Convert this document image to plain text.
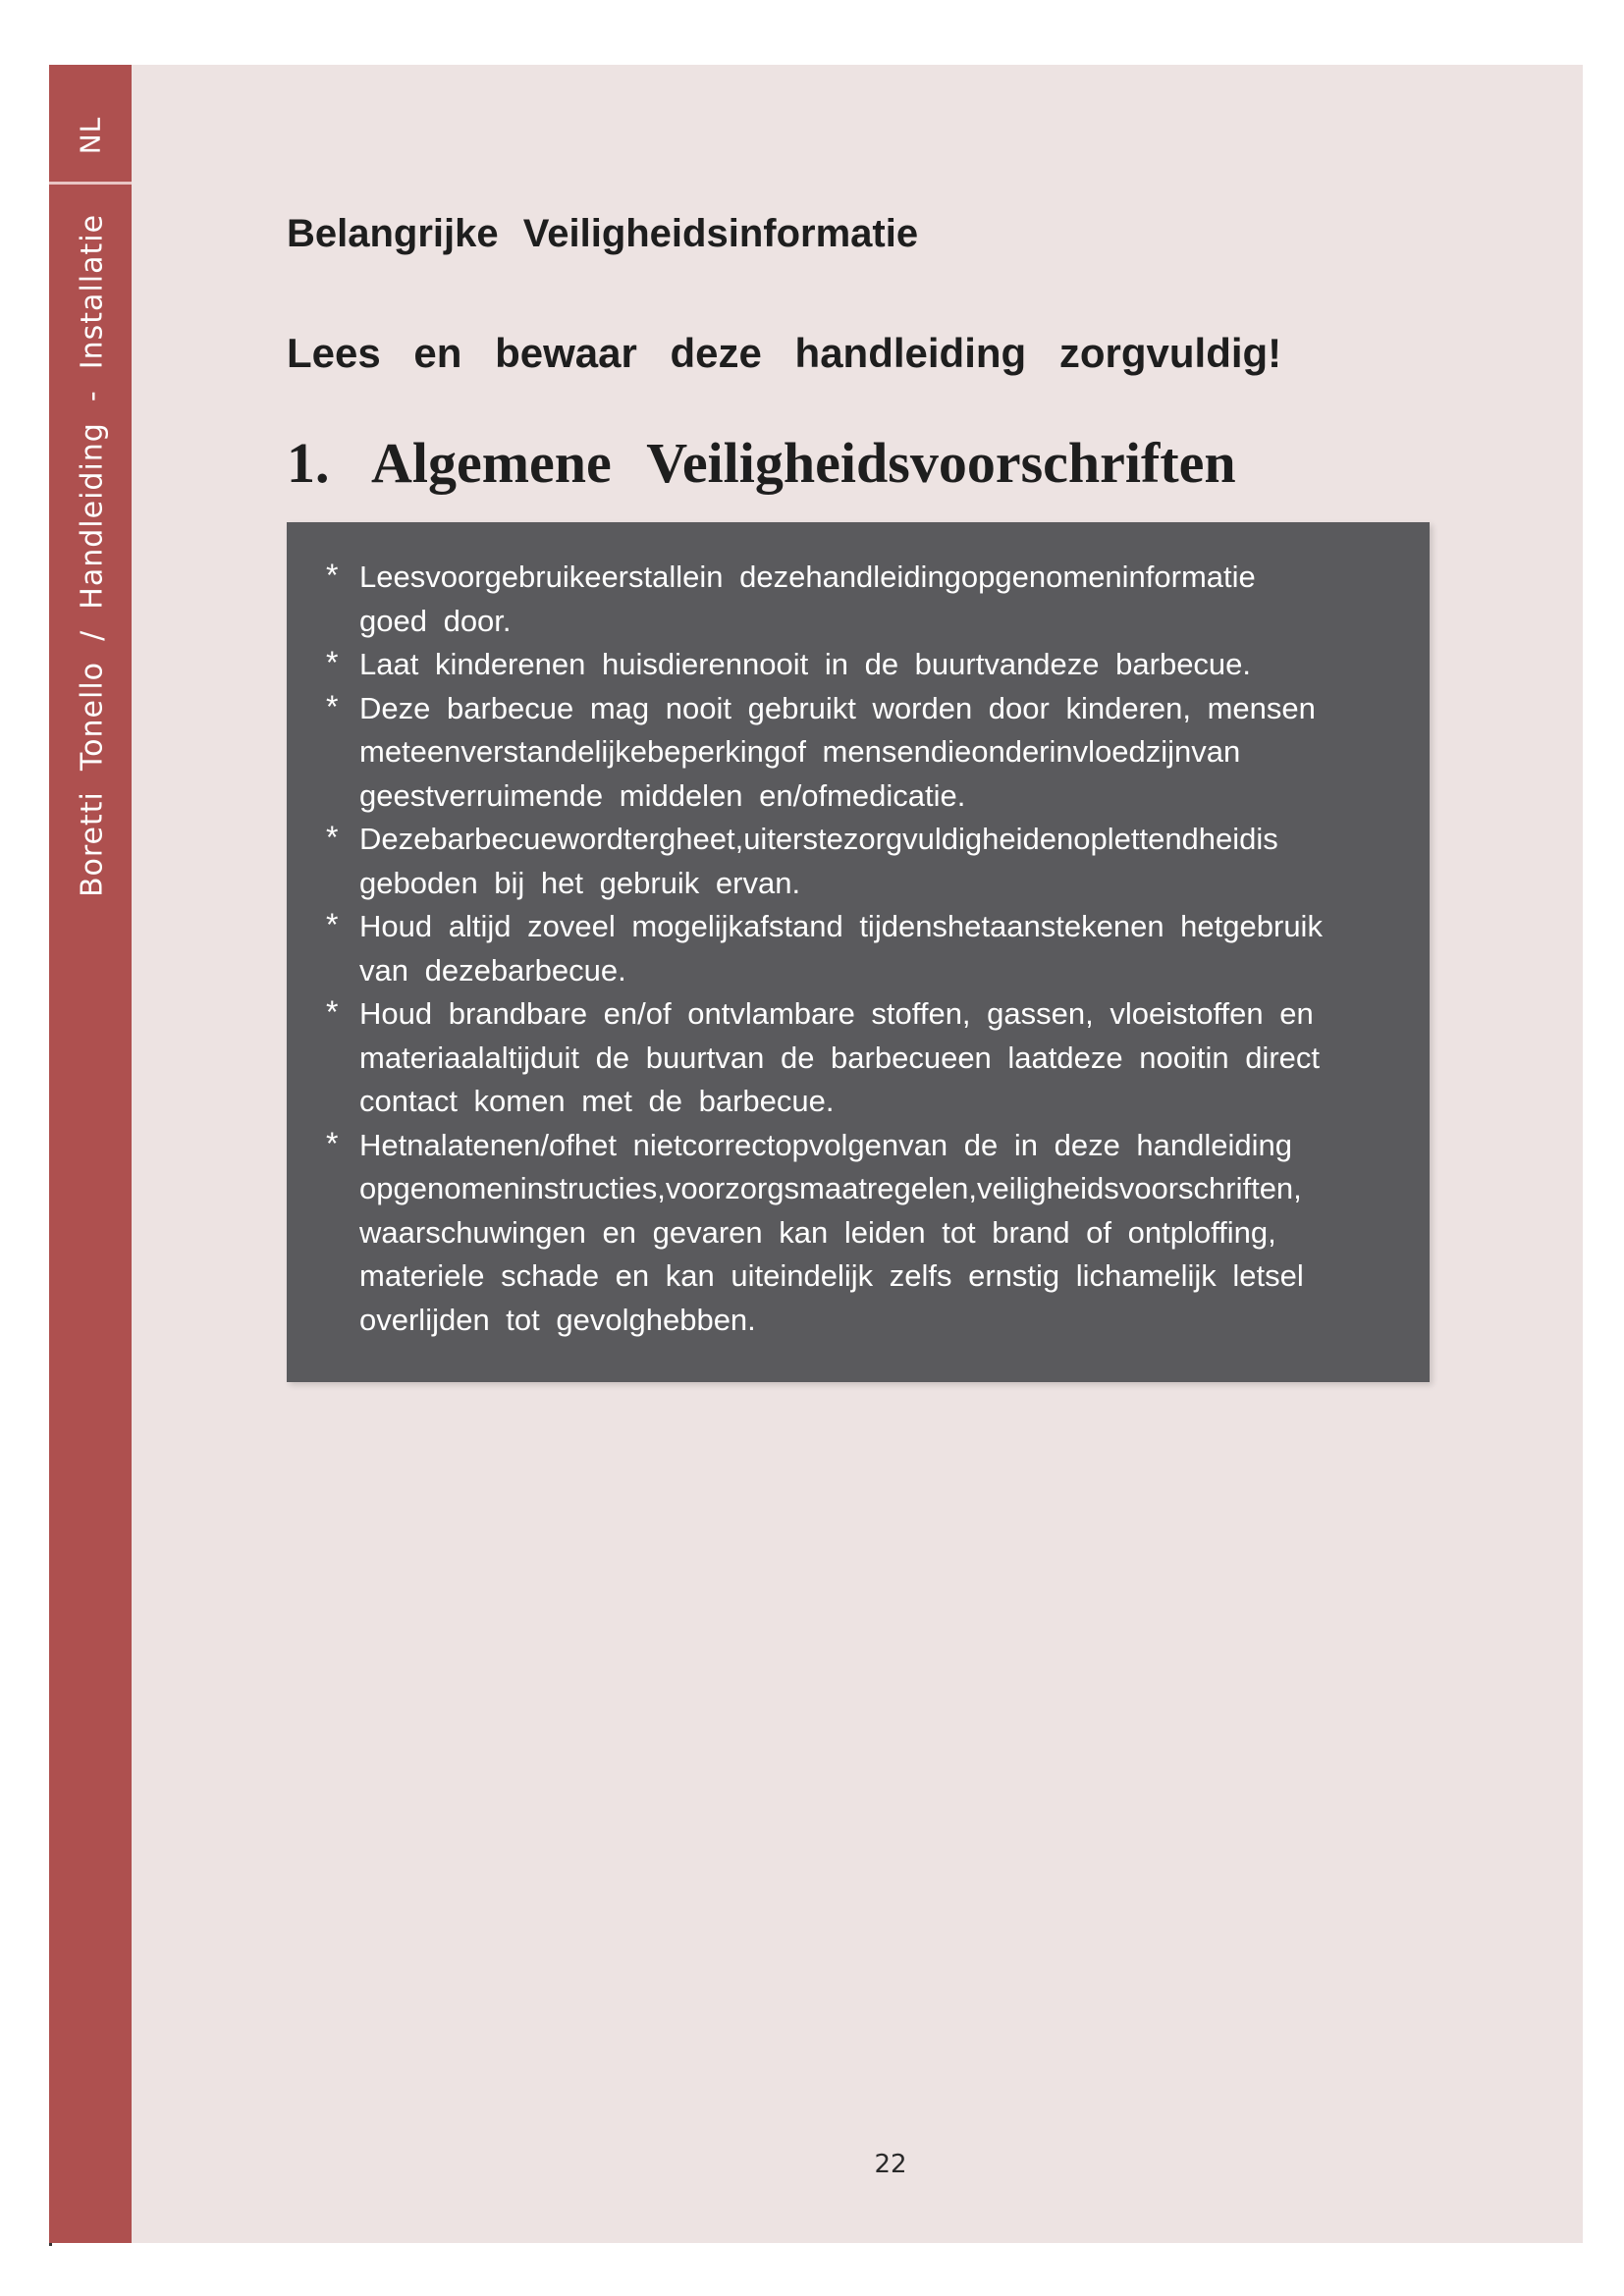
NL
Boretti  Tonello  /  Handleiding  -  Installatie	Belangrijke Veiligheidsinformatie
Lees en bewaar deze handleiding zorgvuldig!
1. Algemene Veiligheidsvoorschriften
* Leesvoorgebruikeerstallein dezehandleidingopgenomeninformatie
goed door.
* Laat kinderenen huisdierennooit in de buurtvandeze barbecue.
* Deze barbecue mag nooit gebruikt worden door kinderen, mensen
meteenverstandelijkebeperkingof mensendieonderinvloedzijnvan
geestverruimende middelen en/ofmedicatie.
* Dezebarbecuewordtergheet,uiterstezorgvuldigheidenoplettendheidis
geboden bij het gebruik ervan.
* Houd altijd zoveel mogelijkafstand tijdenshetaanstekenen hetgebruik
van dezebarbecue.
* Houd brandbare en/of ontvlambare stoffen, gassen, vloeistoffen en
materiaalaltijduit de buurtvan de barbecueen laatdeze nooitin direct
contact komen met de barbecue.
* Hetnalatenen/ofhet nietcorrectopvolgenvan de in deze handleiding
opgenomeninstructies,voorzorgsmaatregelen,veiligheidsvoorschriften,
waarschuwingen en gevaren kan leiden tot brand of ontploffing,
materiele schade en kan uiteindelijk zelfs ernstig lichamelijk letsel
overlijden tot gevolghebben.
22
